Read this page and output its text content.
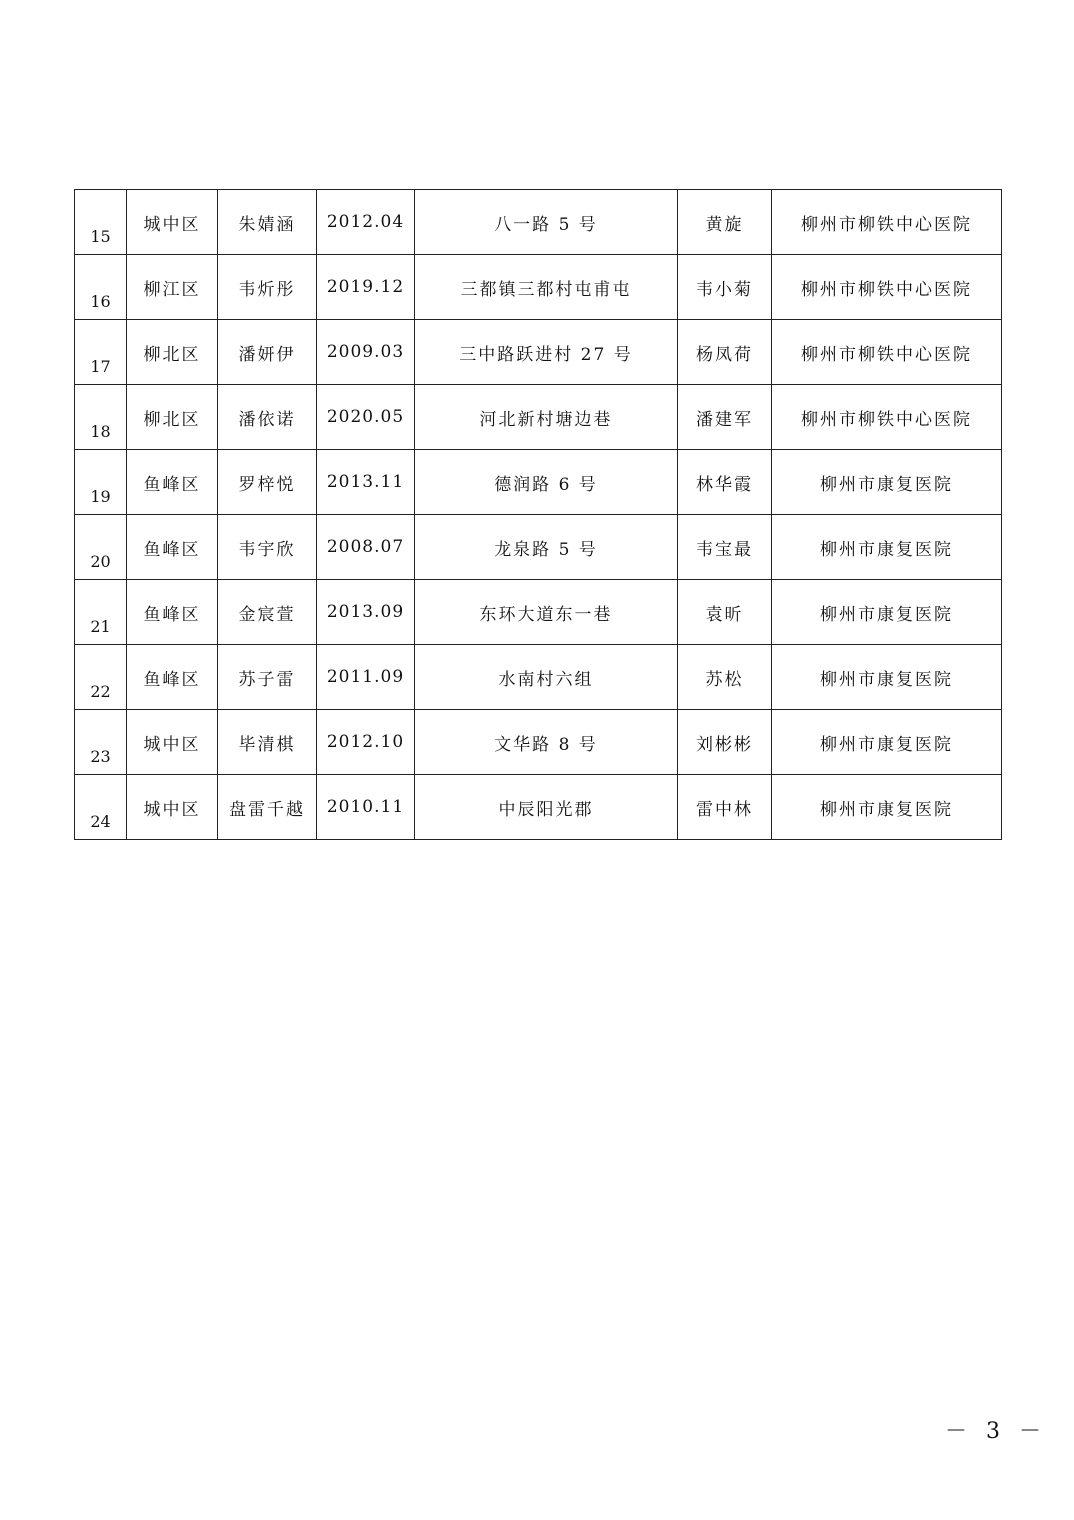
15	城中区	朱婧涵	2012.04	八一路 5 号	黄旋	柳州市柳铁中心医院
16	柳江区	韦炘彤	2019.12	三都镇三都村屯甫屯	韦小菊	柳州市柳铁中心医院
17	柳北区	潘妍伊	2009.03	三中路跃进村 27 号	杨凤荷	柳州市柳铁中心医院
18	柳北区	潘依诺	2020.05	河北新村塘边巷	潘建军	柳州市柳铁中心医院
19	鱼峰区	罗梓悦	2013.11	德润路 6 号	林华霞	柳州市康复医院
20	鱼峰区	韦宇欣	2008.07	龙泉路 5 号	韦宝最	柳州市康复医院
21	鱼峰区	金宸萱	2013.09	东环大道东一巷	袁昕	柳州市康复医院
22	鱼峰区	苏子雷	2011.09	水南村六组	苏松	柳州市康复医院
23	城中区	毕清棋	2012.10	文华路 8 号	刘彬彬	柳州市康复医院
24	城中区	盘雷千越	2010.11	中辰阳光郡	雷中林	柳州市康复医院
－ 3 －
